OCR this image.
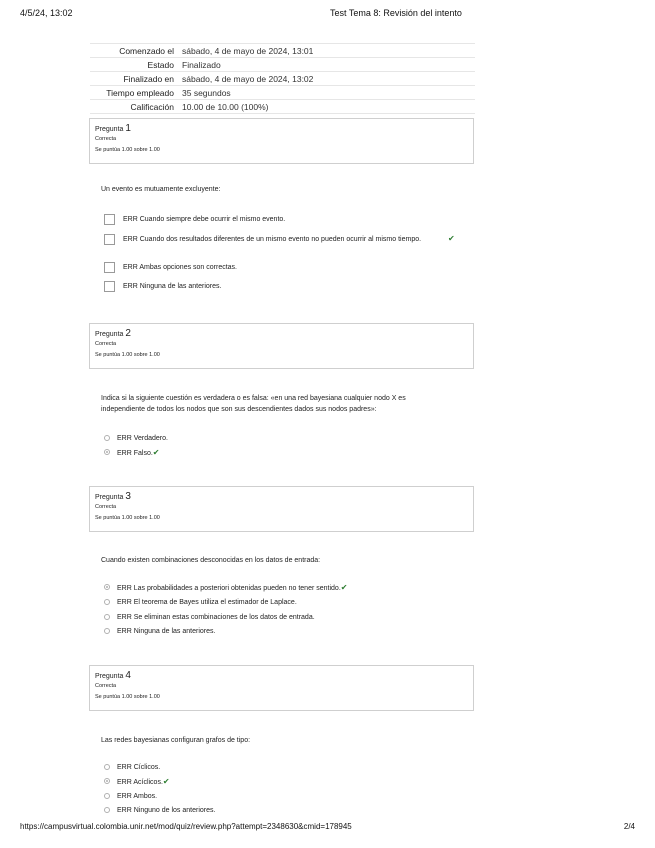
4/5/24, 13:02	Test Tema 8: Revisión del intento
Comenzado el	sábado, 4 de mayo de 2024, 13:01
Estado	Finalizado
Finalizado en	sábado, 4 de mayo de 2024, 13:02
Tiempo empleado	35 segundos
Calificación	10.00 de 10.00 (100%)
Pregunta 1
Correcta
Se puntúa 1.00 sobre 1.00
Un evento es mutuamente excluyente:
ERR Cuando siempre debe ocurrir el mismo evento.
ERR Cuando dos resultados diferentes de un mismo evento no pueden ocurrir al mismo tiempo.	✔
ERR Ambas opciones son correctas.
ERR Ninguna de las anteriores.
Pregunta 2
Correcta
Se puntúa 1.00 sobre 1.00
Indica si la siguiente cuestión es verdadera o es falsa: «en una red bayesiana cualquier nodo X es independiente de todos los nodos que son sus descendientes dados sus nodos padres»:
ERR Verdadero.
ERR Falso.✔
Pregunta 3
Correcta
Se puntúa 1.00 sobre 1.00
Cuando existen combinaciones desconocidas en los datos de entrada:
ERR Las probabilidades a posteriori obtenidas pueden no tener sentido.✔
ERR El teorema de Bayes utiliza el estimador de Laplace.
ERR Se eliminan estas combinaciones de los datos de entrada.
ERR Ninguna de las anteriores.
Pregunta 4
Correcta
Se puntúa 1.00 sobre 1.00
Las redes bayesianas configuran grafos de tipo:
ERR Cíclicos.
ERR Acíclicos.✔
ERR Ambos.
ERR Ninguno de los anteriores.
https://campusvirtual.colombia.unir.net/mod/quiz/review.php?attempt=2348630&cmid=178945	2/4
